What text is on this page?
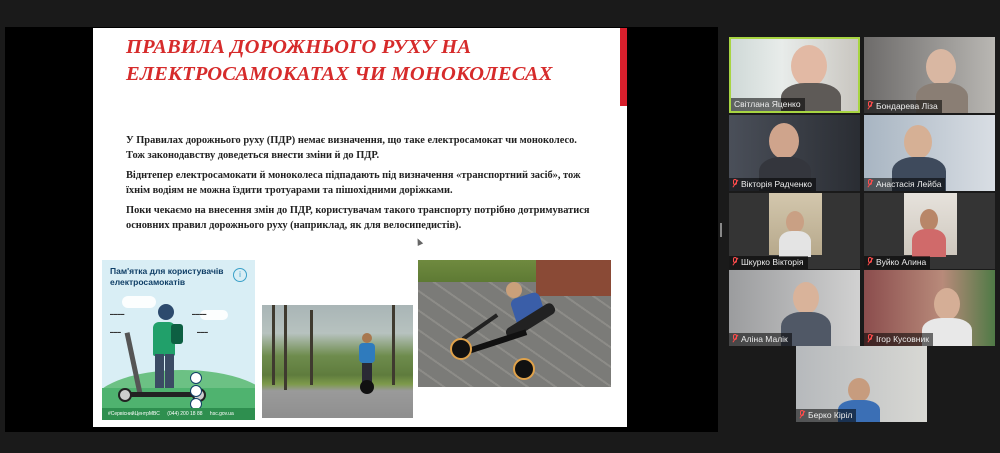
ПРАВИЛА ДОРОЖНЬОГО РУХУ НА ЕЛЕКТРОСАМОКАТАХ ЧИ МОНОКОЛЕСАХ

У Правилах дорожнього руху (ПДР) немає визначення, що таке електросамокат чи моноколесо. Тож законодавству доведеться внести зміни й до ПДР.

Віднтепер електросамокати й моноколеса підпадають під визначення «транспортний засіб», тож їхнім водіям не можна їздити тротуарами та пішохідними доріжками.

Поки чекаємо на внесення змін до ПДР, користувачам такого транспорту потрібно дотримуватися основних правил дорожнього руху (наприклад, як для велосипедистів).

Пам'ятка для користувачів електросамокатів
i
▬▬▬▬
▬▬▬
▬▬▬▬
▬▬▬
#СервіснийЦентрМВС (044) 200 18 88 hsc.gov.ua
Світлана Яценко	Бондарева Ліза
Вікторія Радченко	Анастасія Лейба
Шкурко Вікторія	Вуйко Алина
Аліна Малік	Ігор Кусовник
Берко Кіріл
